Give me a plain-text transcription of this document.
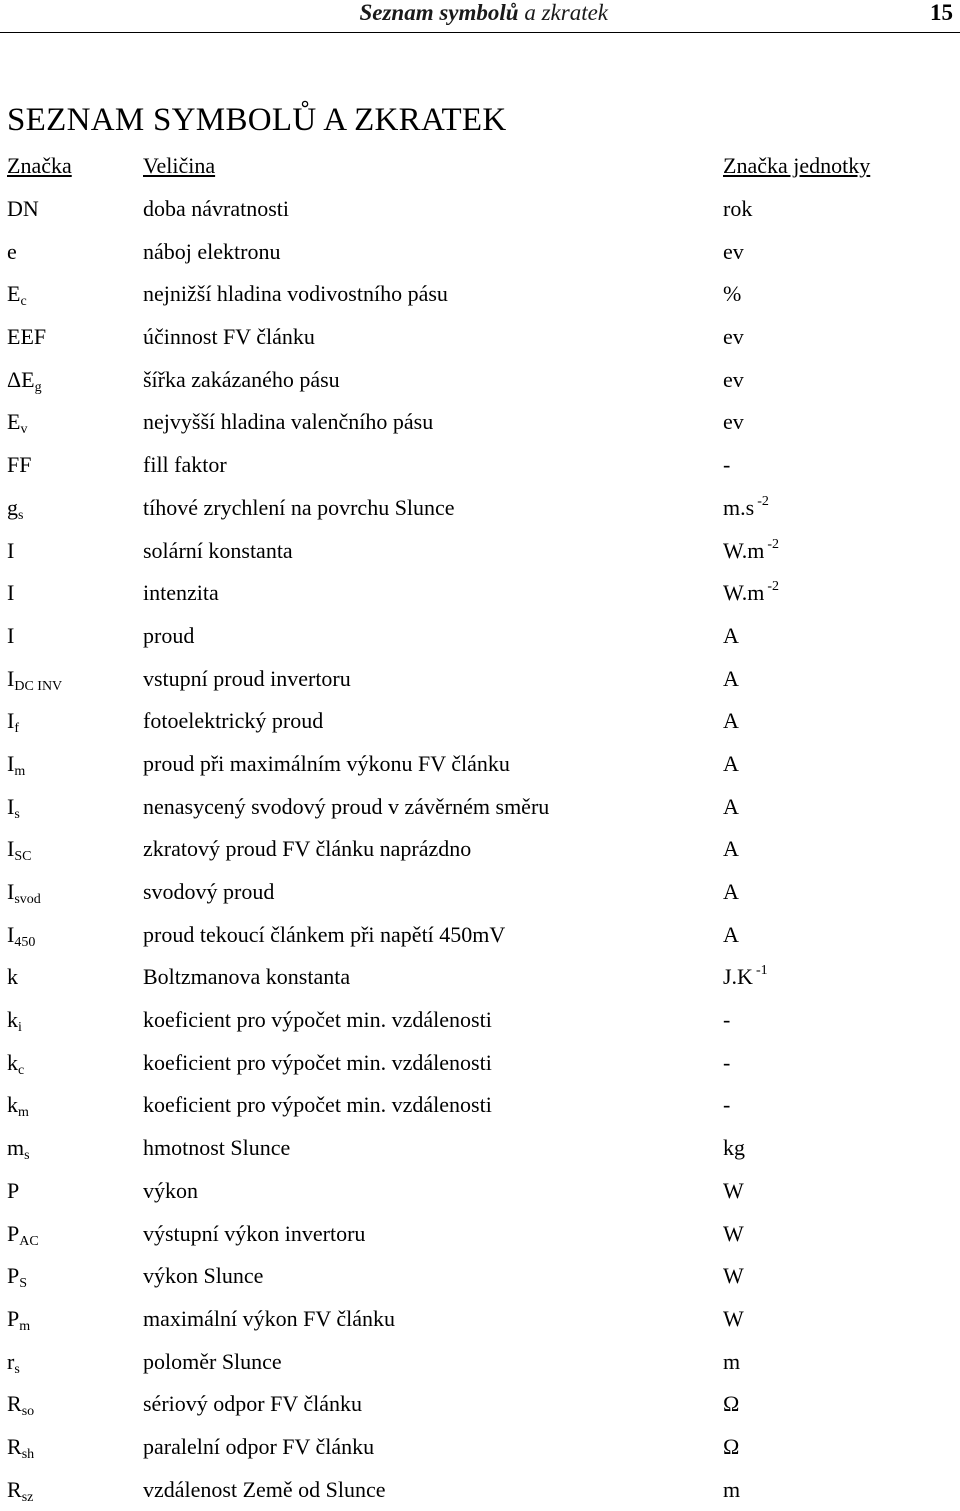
Seznam symbolů a zkratek	15
SEZNAM SYMBOLŮ A ZKRATEK
Značka	Veličina	Značka jednotky
DN	doba návratnosti	rok
e	náboj elektronu	ev
$E_c$	nejnižší hladina vodivostního pásu	%
EEF	účinnost FV článku	ev
$\Delta E_g$	šířka zakázaného pásu	ev
$E_v$	nejvyšší hladina valenčního pásu	ev
FF	fill faktor	-
$g_s$	tíhové zrychlení na povrchu Slunce	m.s $^{-2}$
I	solární konstanta	W.m $^{-2}$
I	intenzita	W.m $^{-2}$
I	proud	A
$I_{DC INV}$	vstupní proud invertoru	A
$I_f$	fotoelektrický proud	A
$I_m$	proud při maximálním výkonu FV článku	A
$I_s$	nenasycený svodový proud v závěrném směru	A
$I_{SC}$	zkratový proud FV článku naprázdno	A
$I_{svod}$	svodový proud	A
$I_{450}$	proud tekoucí článkem při napětí 450mV	A
k	Boltzmanova konstanta	J.K $^{-1}$
$k_i$	koeficient pro výpočet min. vzdálenosti	-
$k_c$	koeficient pro výpočet min. vzdálenosti	-
$k_m$	koeficient pro výpočet min. vzdálenosti	-
$m_s$	hmotnost Slunce	kg
P	výkon	W
$P_{AC}$	výstupní výkon invertoru	W
$P_S$	výkon Slunce	W
$P_m$	maximální výkon FV článku	W
$r_s$	poloměr Slunce	m
$R_{so}$	sériový odpor FV článku	Ω
$R_{sh}$	paralelní odpor FV článku	Ω
$R_{sz}$	vzdálenost Země od Slunce	m
